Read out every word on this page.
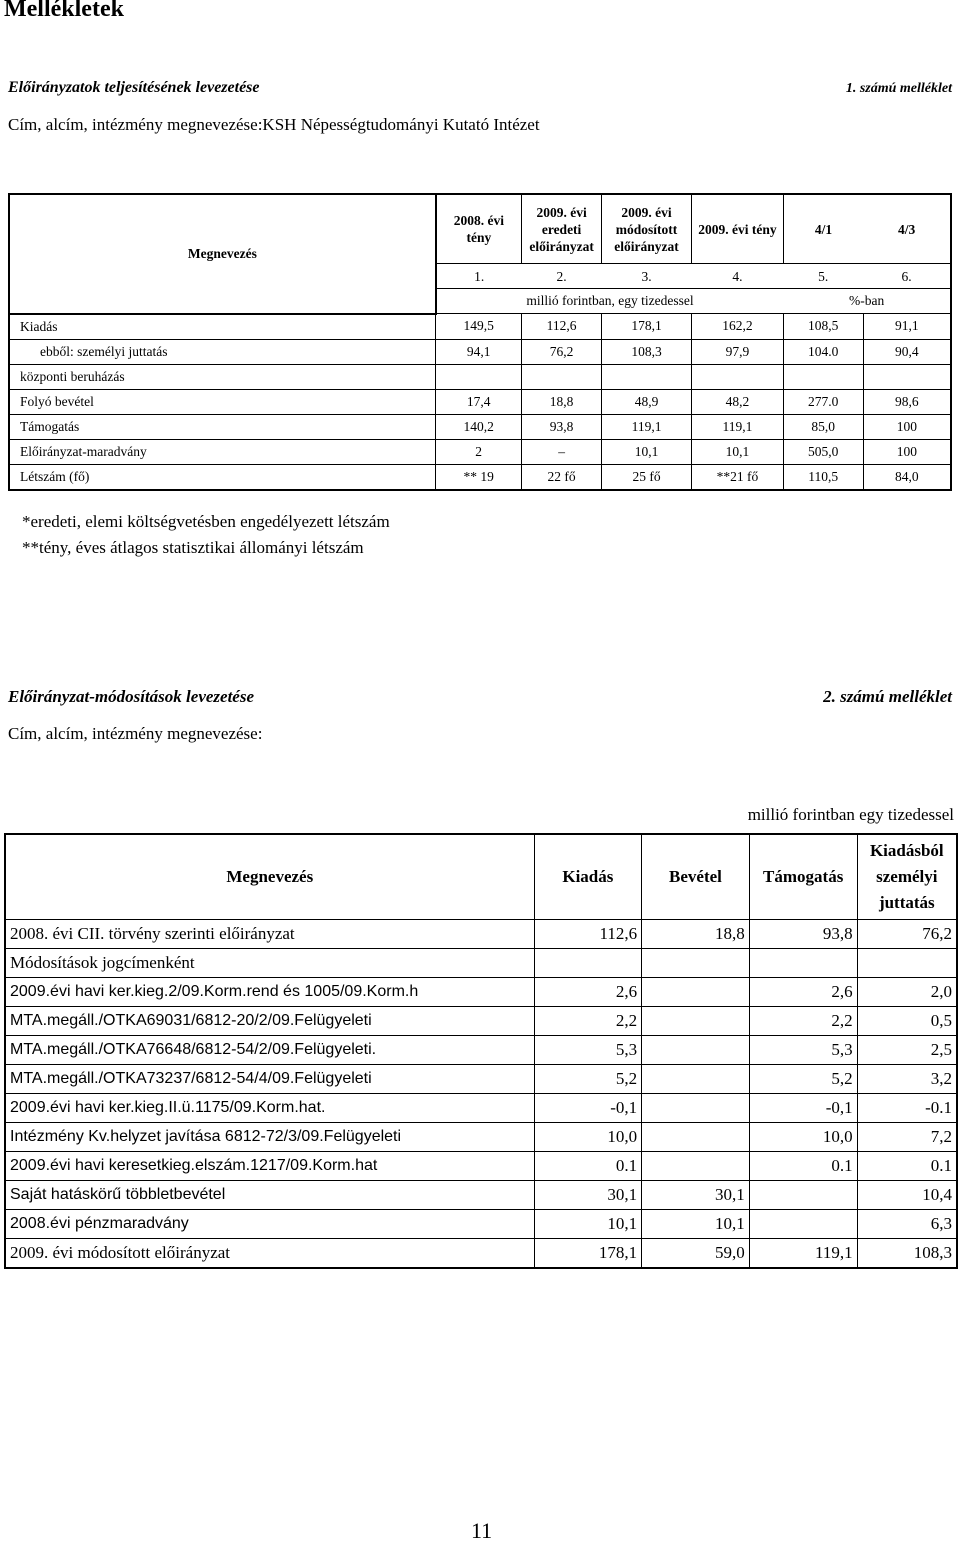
Mellékletek
Előirányzatok teljesítésének levezetése	1. számú melléklet
Cím, alcím, intézmény megnevezése:KSH Népességtudományi Kutató Intézet
Megnevezés	2008. évi tény	2009. évi eredeti előirányzat	2009. évi módosított előirányzat	2009. évi tény	4/1	4/3
	1.	2.	3.	4.	5.	6.
	millió forintban, egy tizedessel				%-ban	
Kiadás	149,5	112,6	178,1	162,2	108,5	91,1
ebből: személyi juttatás	94,1	76,2	108,3	97,9	104.0	90,4
központi beruházás						
Folyó bevétel	17,4	18,8	48,9	48,2	277.0	98,6
Támogatás	140,2	93,8	119,1	119,1	85,0	100
Előirányzat-maradvány	2	–	10,1	10,1	505,0	100
Létszám (fő)	** 19	22 fő	25 fő	**21 fő	110,5	84,0
*eredeti, elemi költségvetésben engedélyezett létszám
**tény, éves átlagos statisztikai állományi létszám
Előirányzat-módosítások levezetése	2. számú melléklet
Cím, alcím, intézmény megnevezése:
millió forintban egy tizedessel
Megnevezés	Kiadás	Bevétel	Támogatás	Kiadásból
személyi
juttatás

2008. évi CII. törvény szerinti előirányzat	112,6	18,8	93,8	76,2
Módosítások jogcímenként				
2009.évi havi ker.kieg.2/09.Korm.rend és 1005/09.Korm.h	2,6		2,6	2,0
MTA.megáll./OTKA69031/6812-20/2/09.Felügyeleti	2,2		2,2	0,5
MTA.megáll./OTKA76648/6812-54/2/09.Felügyeleti.	5,3		5,3	2,5
MTA.megáll./OTKA73237/6812-54/4/09.Felügyeleti	5,2		5,2	3,2
2009.évi havi ker.kieg.II.ü.1175/09.Korm.hat.	-0,1		-0,1	-0.1
Intézmény Kv.helyzet javítása 6812-72/3/09.Felügyeleti	10,0		10,0	7,2
2009.évi havi keresetkieg.elszám.1217/09.Korm.hat	0.1		0.1	0.1
Saját hatáskörű többletbevétel	30,1	30,1		10,4
2008.évi pénzmaradvány	10,1	10,1		6,3
2009. évi módosított előirányzat	178,1	59,0	119,1	108,3
11
